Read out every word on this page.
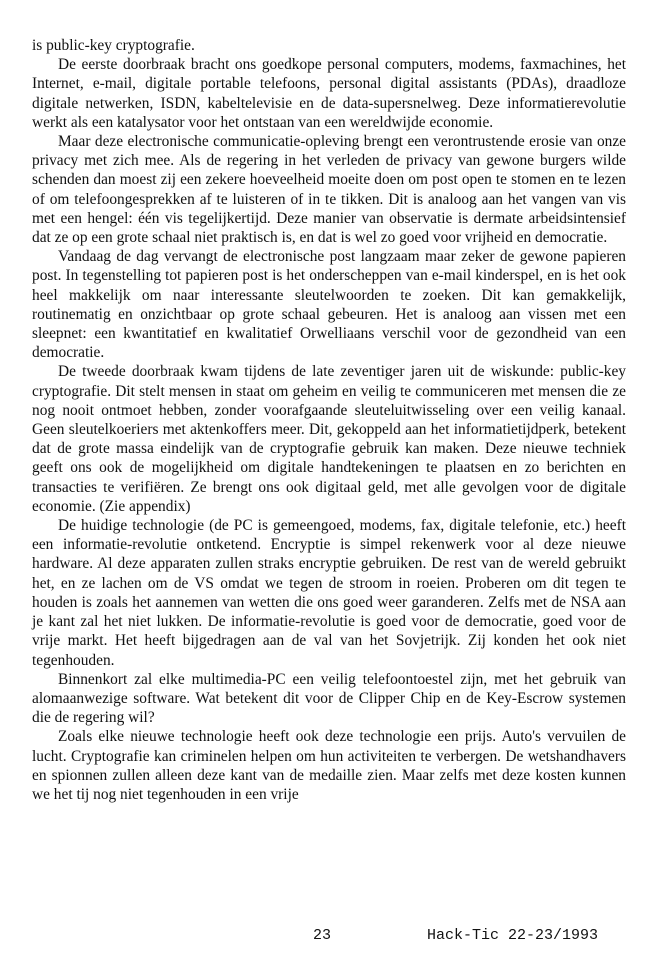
is public-key cryptografie.

De eerste doorbraak bracht ons goedkope personal computers, modems, faxmachines, het Internet, e-mail, digitale portable telefoons, personal digital assistants (PDAs), draadloze digitale netwerken, ISDN, kabeltelevisie en de data-supersnelweg. Deze informatierevolutie werkt als een katalysator voor het ontstaan van een wereldwijde economie.

Maar deze electronische communicatie-opleving brengt een verontrustende erosie van onze privacy met zich mee. Als de regering in het verleden de privacy van gewone burgers wilde schenden dan moest zij een zekere hoeveelheid moeite doen om post open te stomen en te lezen of om telefoongesprekken af te luisteren of in te tikken. Dit is analoog aan het vangen van vis met een hengel: één vis tegelijkertijd. Deze manier van observatie is dermate arbeidsintensief dat ze op een grote schaal niet praktisch is, en dat is wel zo goed voor vrijheid en democratie.

Vandaag de dag vervangt de electronische post langzaam maar zeker de gewone papieren post. In tegenstelling tot papieren post is het onderscheppen van e-mail kinderspel, en is het ook heel makkelijk om naar interessante sleutelwoorden te zoeken. Dit kan gemakkelijk, routinematig en onzichtbaar op grote schaal gebeuren. Het is analoog aan vissen met een sleepnet: een kwantitatief en kwalitatief Orwelliaans verschil voor de gezondheid van een democratie.

De tweede doorbraak kwam tijdens de late zeventiger jaren uit de wiskunde: public-key cryptografie. Dit stelt mensen in staat om geheim en veilig te communiceren met mensen die ze nog nooit ontmoet hebben, zonder voorafgaande sleuteluitwisseling over een veilig kanaal. Geen sleutelkoeriers met aktenkoffers meer. Dit, gekoppeld aan het informatietijdperk, betekent dat de grote massa eindelijk van de cryptografie gebruik kan maken. Deze nieuwe techniek geeft ons ook de mogelijkheid om digitale handtekeningen te plaatsen en zo berichten en transacties te verifiëren. Ze brengt ons ook digitaal geld, met alle gevolgen voor de digitale economie. (Zie appendix)

De huidige technologie (de PC is gemeengoed, modems, fax, digitale telefonie, etc.) heeft een informatie-revolutie ontketend. Encryptie is simpel rekenwerk voor al deze nieuwe hardware. Al deze apparaten zullen straks encryptie gebruiken. De rest van de wereld gebruikt het, en ze lachen om de VS omdat we tegen de stroom in roeien. Proberen om dit tegen te houden is zoals het aannemen van wetten die ons goed weer garanderen. Zelfs met de NSA aan je kant zal het niet lukken. De informatie-revolutie is goed voor de democratie, goed voor de vrije markt. Het heeft bijgedragen aan de val van het Sovjetrijk. Zij konden het ook niet tegenhouden.

Binnenkort zal elke multimedia-PC een veilig telefoontoestel zijn, met het gebruik van alomaanwezige software. Wat betekent dit voor de Clipper Chip en de Key-Escrow systemen die de regering wil?

Zoals elke nieuwe technologie heeft ook deze technologie een prijs. Auto's vervuilen de lucht. Cryptografie kan criminelen helpen om hun activiteiten te verbergen. De wetshandhavers en spionnen zullen alleen deze kant van de medaille zien. Maar zelfs met deze kosten kunnen we het tij nog niet tegenhouden in een vrije

23	Hack-Tic 22-23/1993
